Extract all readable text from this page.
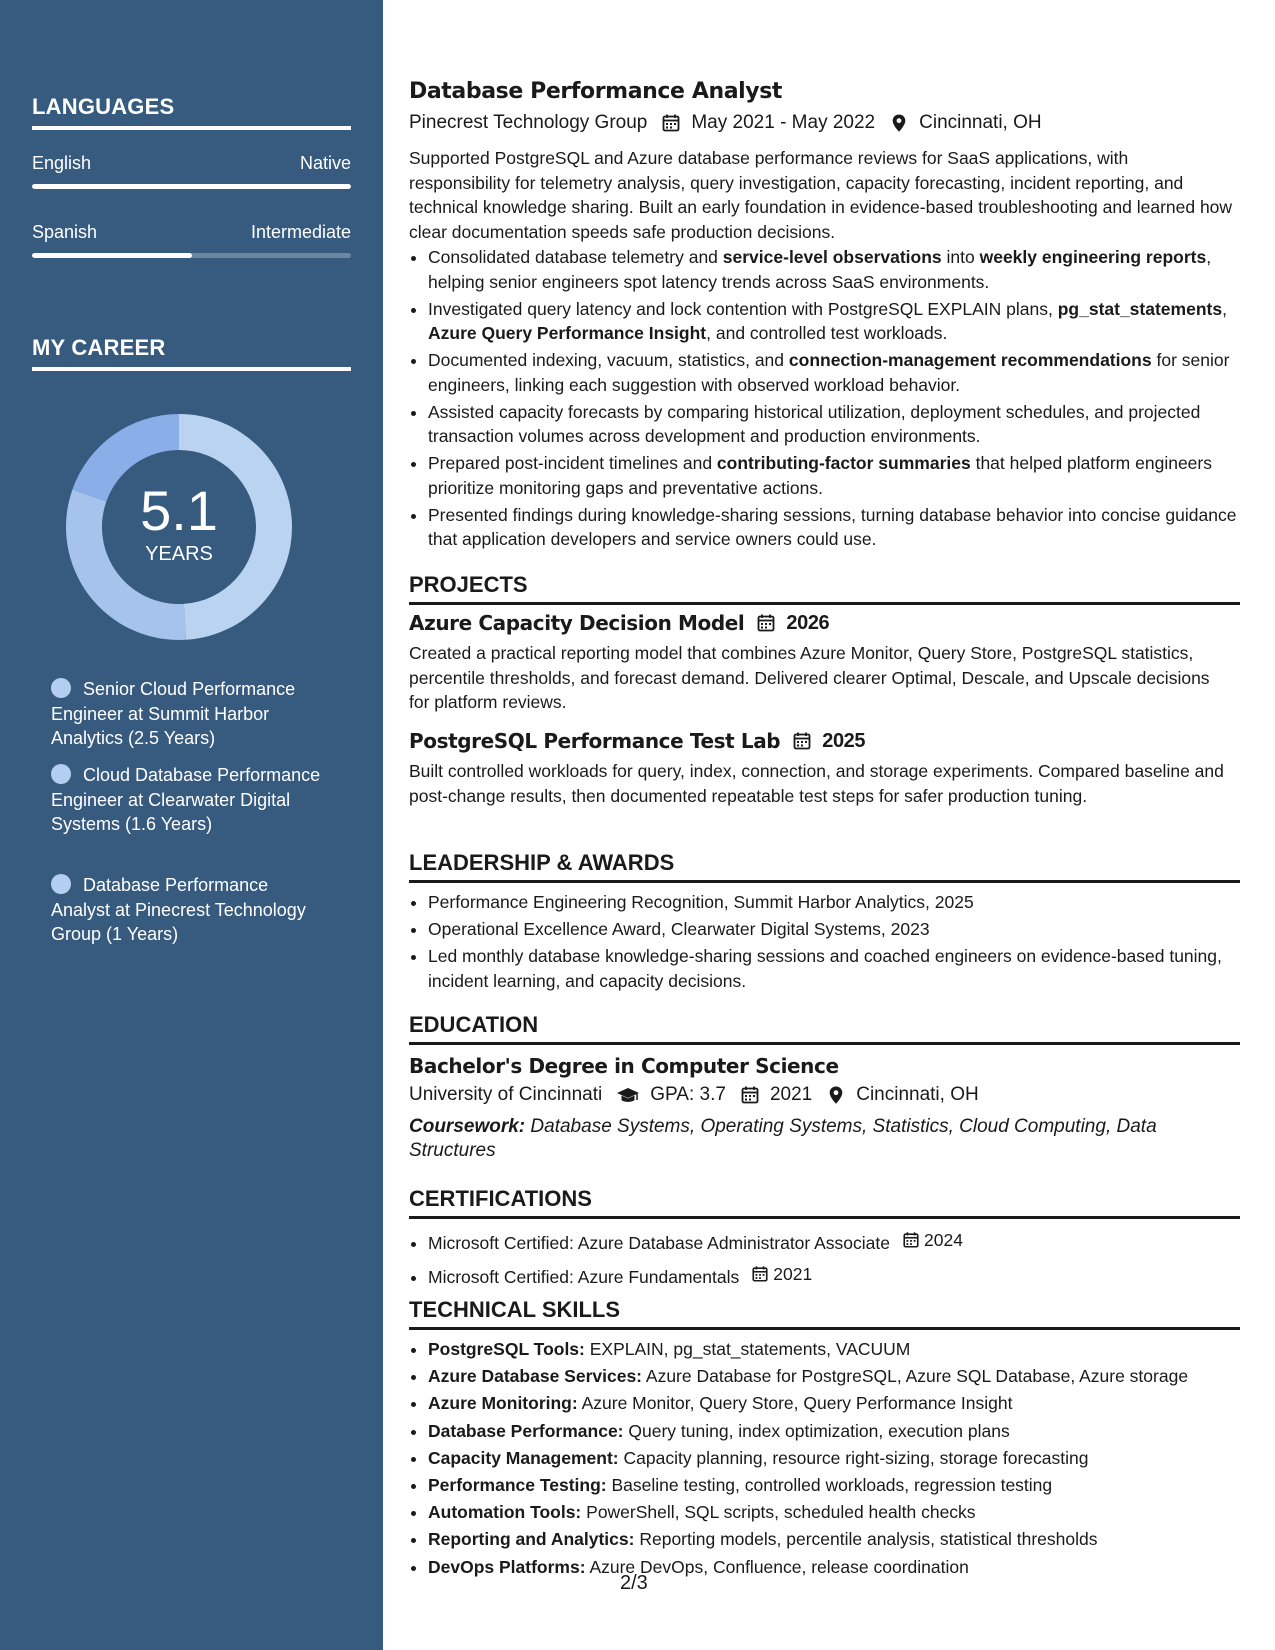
LANGUAGES
English	Native
Spanish	Intermediate
MY CAREER
5.1
YEARS
Senior Cloud Performance Engineer at Summit Harbor Analytics (2.5 Years)
Cloud Database Performance Engineer at Clearwater Digital Systems (1.6 Years)
Database Performance Analyst at Pinecrest Technology Group (1 Years)
Database Performance Analyst
Pinecrest Technology Group May 2021 - May 2022 Cincinnati, OH
Supported PostgreSQL and Azure database performance reviews for SaaS applications, with responsibility for telemetry analysis, query investigation, capacity forecasting, incident reporting, and technical knowledge sharing. Built an early foundation in evidence-based troubleshooting and learned how clear documentation speeds safe production decisions.
• Consolidated database telemetry and service-level observations into weekly engineering reports, helping senior engineers spot latency trends across SaaS environments.
• Investigated query latency and lock contention with PostgreSQL EXPLAIN plans, pg_stat_statements, Azure Query Performance Insight, and controlled test workloads.
• Documented indexing, vacuum, statistics, and connection-management recommendations for senior engineers, linking each suggestion with observed workload behavior.
• Assisted capacity forecasts by comparing historical utilization, deployment schedules, and projected transaction volumes across development and production environments.
• Prepared post-incident timelines and contributing-factor summaries that helped platform engineers prioritize monitoring gaps and preventative actions.
• Presented findings during knowledge-sharing sessions, turning database behavior into concise guidance that application developers and service owners could use.
PROJECTS
Azure Capacity Decision Model 2026
Created a practical reporting model that combines Azure Monitor, Query Store, PostgreSQL statistics, percentile thresholds, and forecast demand. Delivered clearer Optimal, Descale, and Upscale decisions for platform reviews.
PostgreSQL Performance Test Lab 2025
Built controlled workloads for query, index, connection, and storage experiments. Compared baseline and post-change results, then documented repeatable test steps for safer production tuning.
LEADERSHIP & AWARDS
• Performance Engineering Recognition, Summit Harbor Analytics, 2025
• Operational Excellence Award, Clearwater Digital Systems, 2023
• Led monthly database knowledge-sharing sessions and coached engineers on evidence-based tuning, incident learning, and capacity decisions.
EDUCATION
Bachelor's Degree in Computer Science
University of Cincinnati	GPA: 3.7 2021 Cincinnati, OH
Coursework: Database Systems, Operating Systems, Statistics, Cloud Computing, Data Structures
CERTIFICATIONS
• Microsoft Certified: Azure Database Administrator Associate 2024
• Microsoft Certified: Azure Fundamentals 2021
TECHNICAL SKILLS
• PostgreSQL Tools: EXPLAIN, pg_stat_statements, VACUUM
• Azure Database Services: Azure Database for PostgreSQL, Azure SQL Database, Azure storage
• Azure Monitoring: Azure Monitor, Query Store, Query Performance Insight
• Database Performance: Query tuning, index optimization, execution plans
• Capacity Management: Capacity planning, resource right-sizing, storage forecasting
• Performance Testing: Baseline testing, controlled workloads, regression testing
• Automation Tools: PowerShell, SQL scripts, scheduled health checks
• Reporting and Analytics: Reporting models, percentile analysis, statistical thresholds
• DevOps Platforms: Azure DevOps, Confluence, release coordination
2/3
